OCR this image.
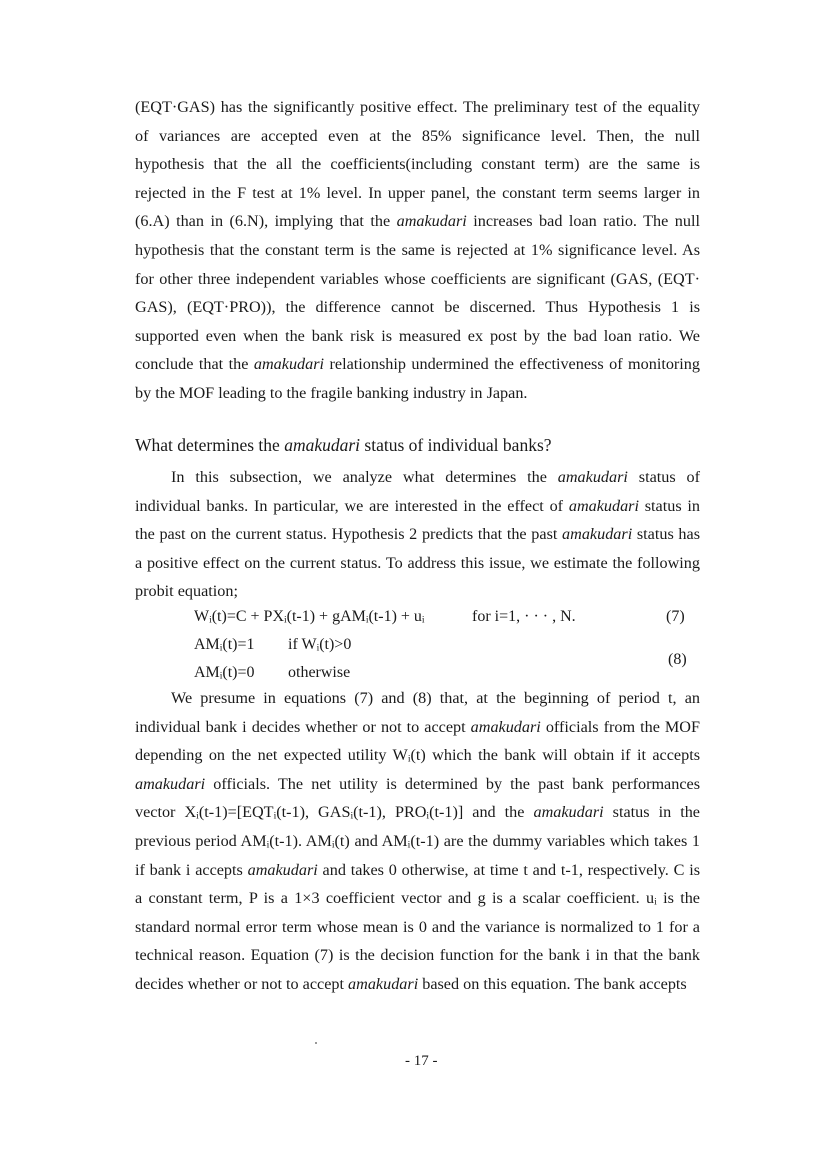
(EQT·GAS) has the significantly positive effect. The preliminary test of the equality
of variances are accepted even at the 85% significance level. Then, the null
hypothesis that the all the coefficients(including constant term) are the same is
rejected in the F test at 1% level. In upper panel, the constant term seems larger in
(6.A) than in (6.N), implying that the amakudari increases bad loan ratio. The null
hypothesis that the constant term is the same is rejected at 1% significance level. As
for other three independent variables whose coefficients are significant (GAS, (EQT·
GAS), (EQT·PRO)), the difference cannot be discerned. Thus Hypothesis 1 is
supported even when the bank risk is measured ex post by the bad loan ratio. We
conclude that the amakudari relationship undermined the effectiveness of monitoring
by the MOF leading to the fragile banking industry in Japan.

What determines the amakudari status of individual banks?

In this subsection, we analyze what determines the amakudari status of
individual banks. In particular, we are interested in the effect of amakudari status in
the past on the current status. Hypothesis 2 predicts that the past amakudari status has
a positive effect on the current status. To address this issue, we estimate the following
probit equation;

Wᵢ(t)=C + PXᵢ(t-1) + gAMᵢ(t-1) + uᵢ	for i=1, · · · , N.	(7)
AMᵢ(t)=1 if Wᵢ(t)>0
AMᵢ(t)=0 otherwise
(8)

We presume in equations (7) and (8) that, at the beginning of period t, an
individual bank i decides whether or not to accept amakudari officials from the MOF
depending on the net expected utility Wᵢ(t) which the bank will obtain if it accepts
amakudari officials. The net utility is determined by the past bank performances
vector Xᵢ(t-1)=[EQTᵢ(t-1), GASᵢ(t-1), PROᵢ(t-1)] and the amakudari status in the
previous period AMᵢ(t-1). AMᵢ(t) and AMᵢ(t-1) are the dummy variables which takes 1
if bank i accepts amakudari and takes 0 otherwise, at time t and t-1, respectively. C is
a constant term, P is a 1×3 coefficient vector and g is a scalar coefficient. uᵢ is the
standard normal error term whose mean is 0 and the variance is normalized to 1 for a
technical reason. Equation (7) is the decision function for the bank i in that the bank
decides whether or not to accept amakudari based on this equation. The bank accepts

- 17 -
